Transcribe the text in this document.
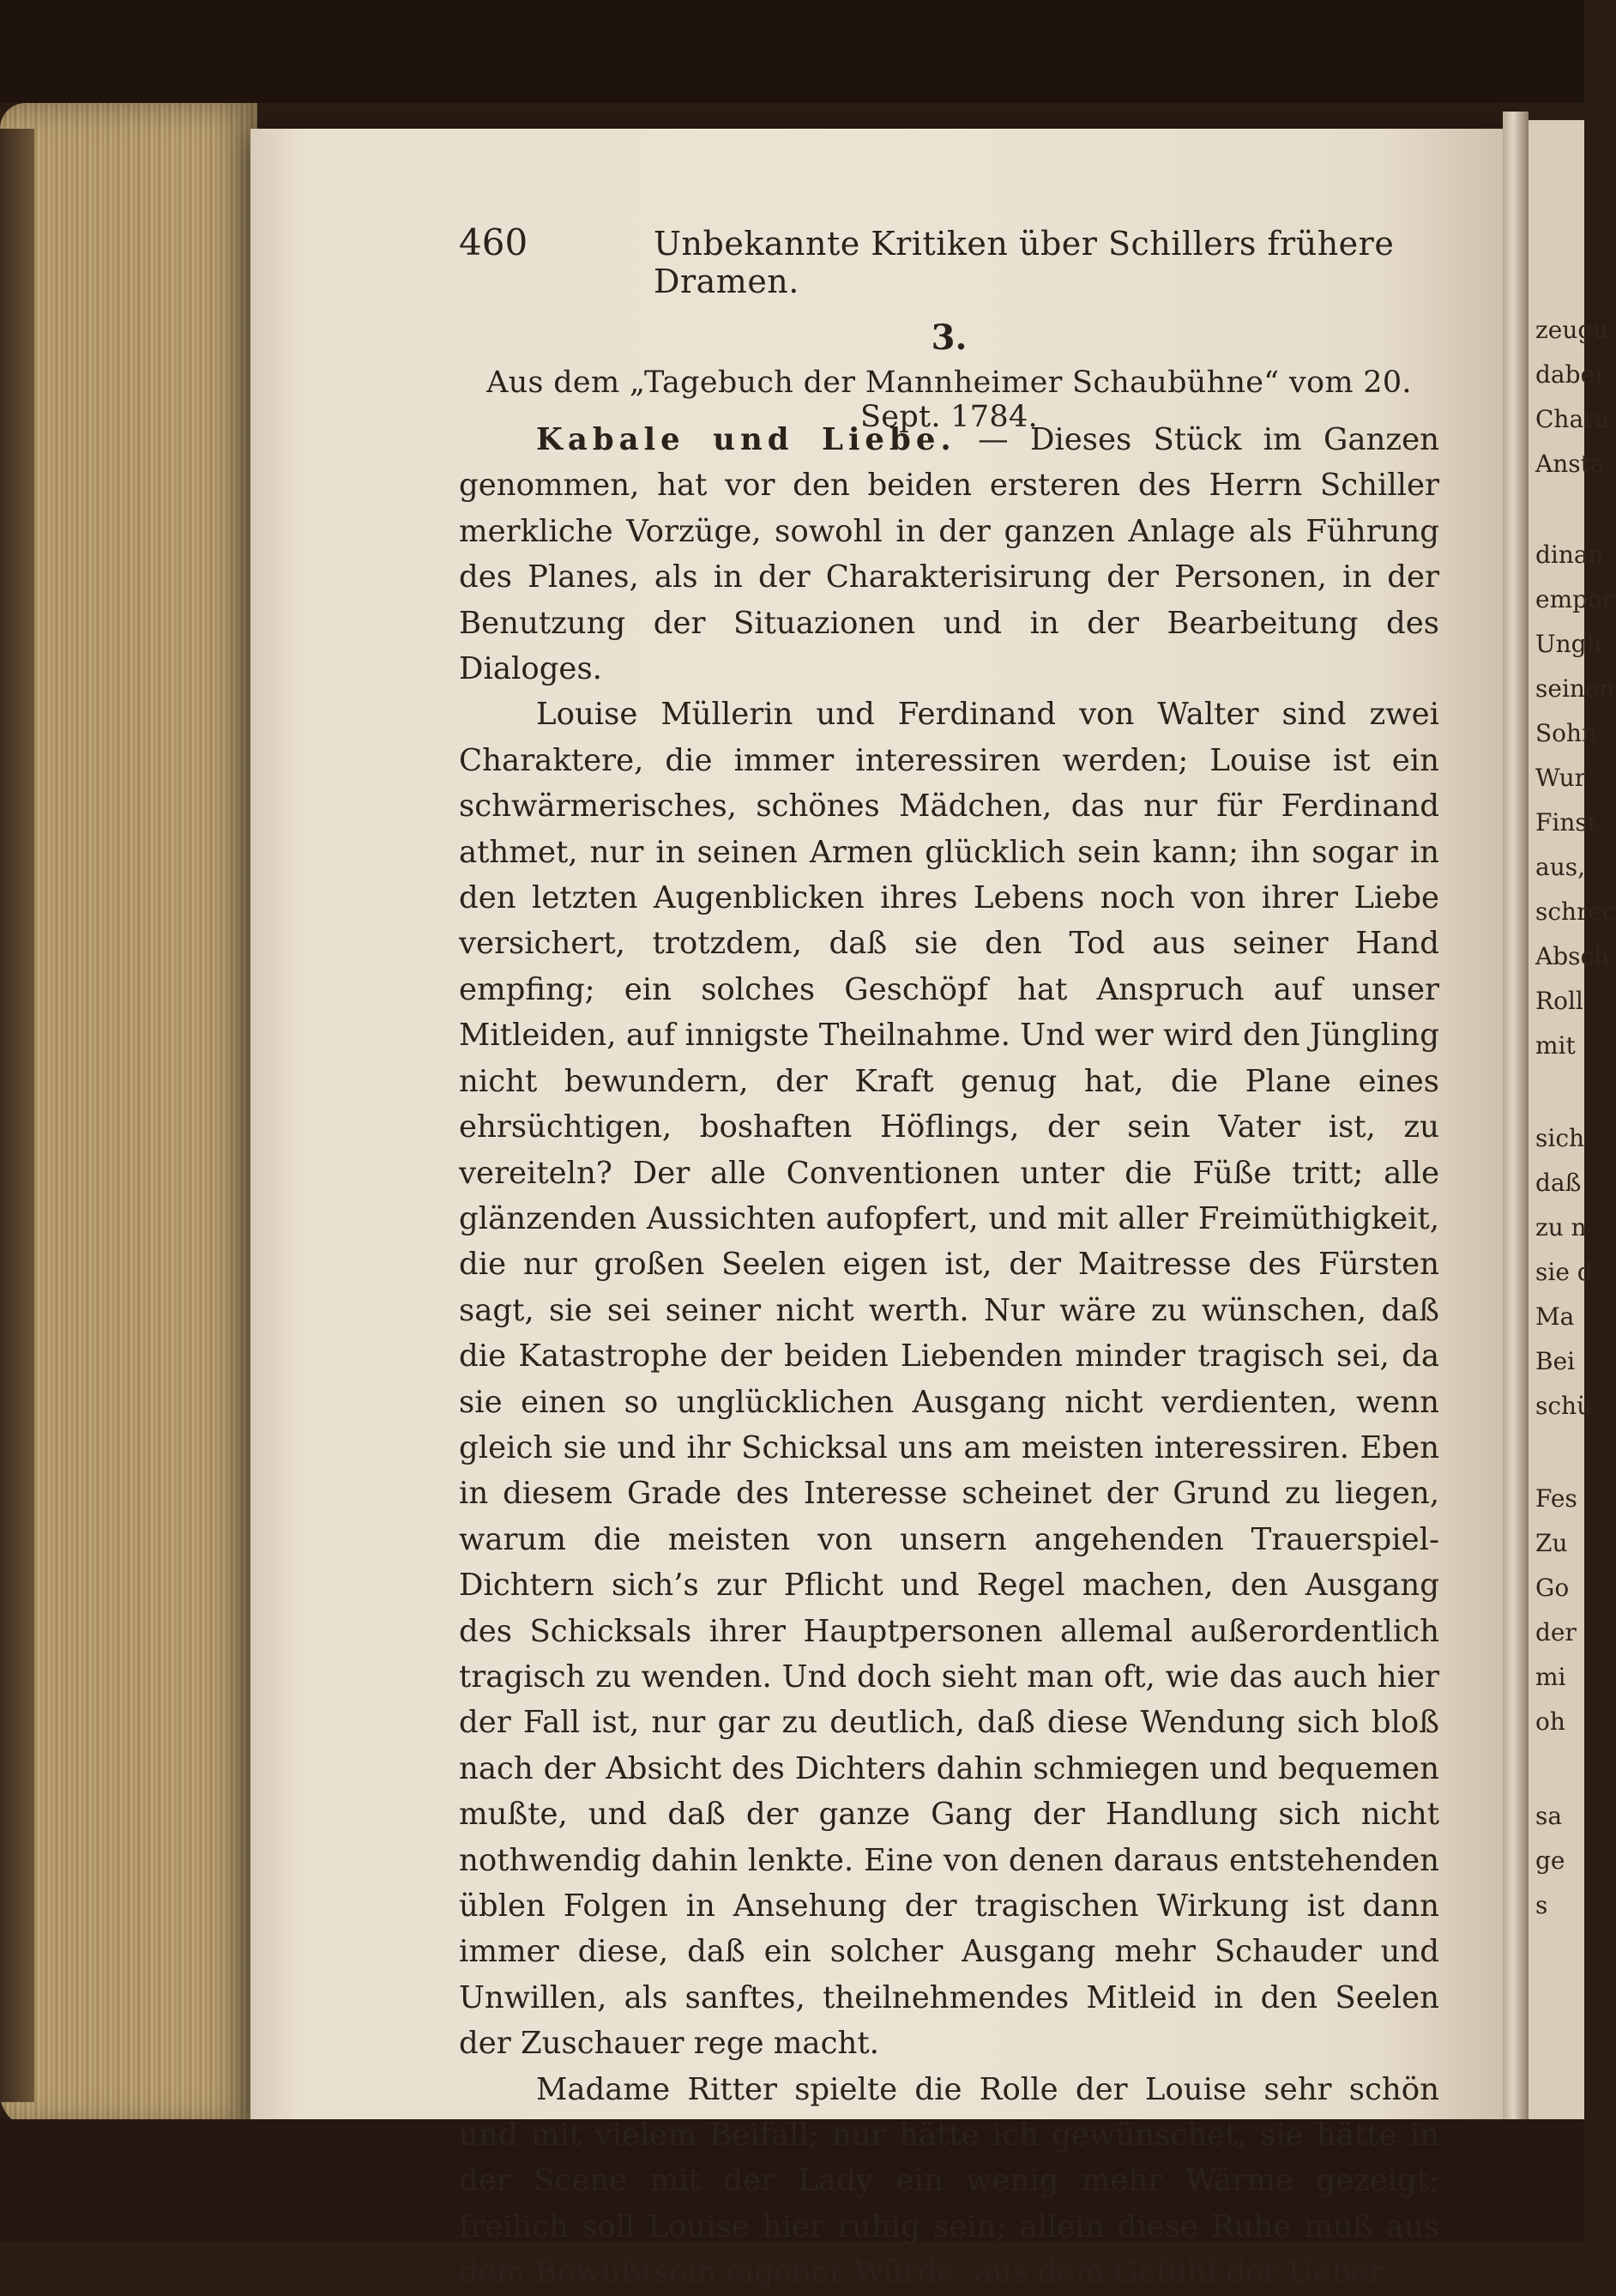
zeugu
dabei
Chara
Ansta
dinan
empor
Ungli
seinen
Sohn
Wur
Finst
aus,
schrec
Absch
Roll
mit
sich
daß
zu n
sie d
Ma
Bei
schü
Fes
Zu
Go
der
mi
oh
sa
ge
s
460	Unbekannte Kritiken über Schillers frühere Dramen.
3.
Aus dem „Tagebuch der Mannheimer Schaubühne“ vom 20. Sept. 1784.

Kabale und Liebe. — Dieses Stück im Ganzen genommen, hat vor den beiden ersteren des Herrn Schiller merkliche Vorzüge, sowohl in der ganzen Anlage als Führung des Planes, als in der Charakterisirung der Personen, in der Benutzung der Situazionen und in der Bearbeitung des Dialoges.

Louise Müllerin und Ferdinand von Walter sind zwei Charaktere, die immer interessiren werden; Louise ist ein schwärmerisches, schönes Mädchen, das nur für Ferdinand athmet, nur in seinen Armen glücklich sein kann; ihn sogar in den letzten Augenblicken ihres Lebens noch von ihrer Liebe versichert, trotzdem, daß sie den Tod aus seiner Hand empfing; ein solches Geschöpf hat Anspruch auf unser Mitleiden, auf innigste Theilnahme. Und wer wird den Jüngling nicht bewundern, der Kraft genug hat, die Plane eines ehrsüchtigen, boshaften Höflings, der sein Vater ist, zu vereiteln? Der alle Conventionen unter die Füße tritt; alle glänzenden Aussichten aufopfert, und mit aller Freimüthigkeit, die nur großen Seelen eigen ist, der Maitresse des Fürsten sagt, sie sei seiner nicht werth. Nur wäre zu wünschen, daß die Katastrophe der beiden Liebenden minder tragisch sei, da sie einen so unglücklichen Ausgang nicht verdienten, wenn gleich sie und ihr Schicksal uns am meisten interessiren. Eben in diesem Grade des Interesse scheinet der Grund zu liegen, warum die meisten von unsern angehenden Trauerspiel-Dichtern sich’s zur Pflicht und Regel machen, den Ausgang des Schicksals ihrer Hauptpersonen allemal außerordentlich tragisch zu wenden. Und doch sieht man oft, wie das auch hier der Fall ist, nur gar zu deutlich, daß diese Wendung sich bloß nach der Absicht des Dichters dahin schmiegen und bequemen mußte, und daß der ganze Gang der Handlung sich nicht nothwendig dahin lenkte. Eine von denen daraus entstehenden üblen Folgen in Ansehung der tragischen Wirkung ist dann immer diese, daß ein solcher Ausgang mehr Schauder und Unwillen, als sanftes, theilnehmendes Mitleid in den Seelen der Zuschauer rege macht.

Madame Ritter spielte die Rolle der Louise sehr schön und mit vielem Beifall; nur hätte ich gewünschet, sie hätte in der Scene mit der Lady ein wenig mehr Wärme gezeigt; freilich soll Louise hier ruhig sein; allein diese Ruhe muß aus dem Bewußtsein eigener Würde, aus dem Gefühl der Ueber
